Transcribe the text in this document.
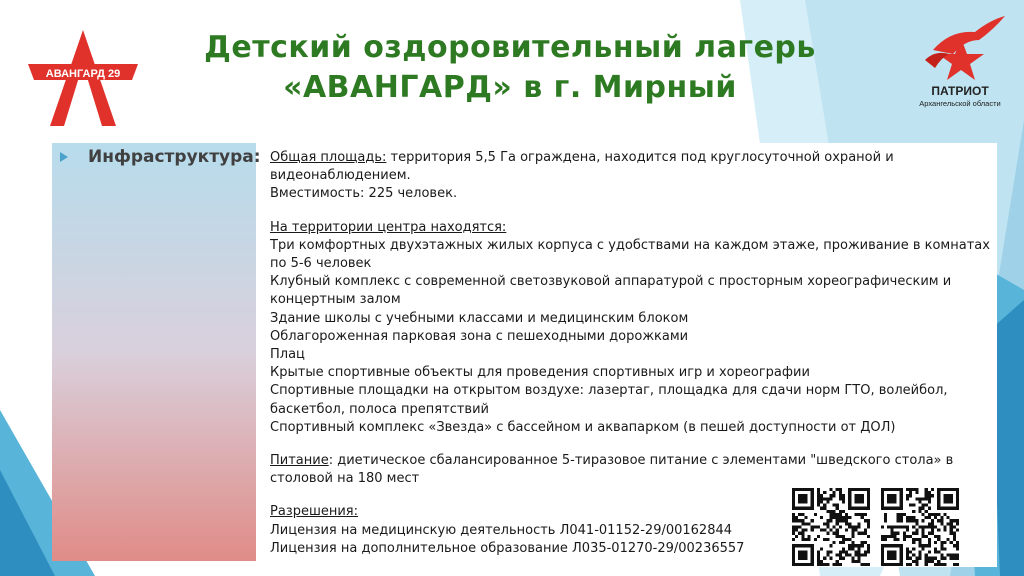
АВАНГАРД 29
Детский оздоровительный лагерь
«АВАНГАРД» в г. Мирный	ПАТРИОТ
Архангельской области
Инфраструктура: Общая площадь: территория 5,5 Га ограждена, находится под круглосуточной охраной и видеонаблюдением.
Вместимость: 225 человек.
На территории центра находятся:
Три комфортных двухэтажных жилых корпуса с удобствами на каждом этаже, проживание в комнатах по 5-6 человек
Клубный комплекс с современной светозвуковой аппаратурой с просторным хореографическим и концертным залом
Здание школы с учебными классами и медицинским блоком
Облагороженная парковая зона с пешеходными дорожками
Плац
Крытые спортивные объекты для проведения спортивных игр и хореографии
Спортивные площадки на открытом воздухе: лазертаг, площадка для сдачи норм ГТО, волейбол, баскетбол, полоса препятствий
Спортивный комплекс «Звезда» с бассейном и аквапарком (в пешей доступности от ДОЛ)
Питание: диетическое сбалансированное 5-тиразовое питание с элементами "шведского стола» в столовой на 180 мест
Разрешения:
Лицензия на медицинскую деятельность Л041-01152-29/00162844
Лицензия на дополнительное образование Л035-01270-29/00236557
